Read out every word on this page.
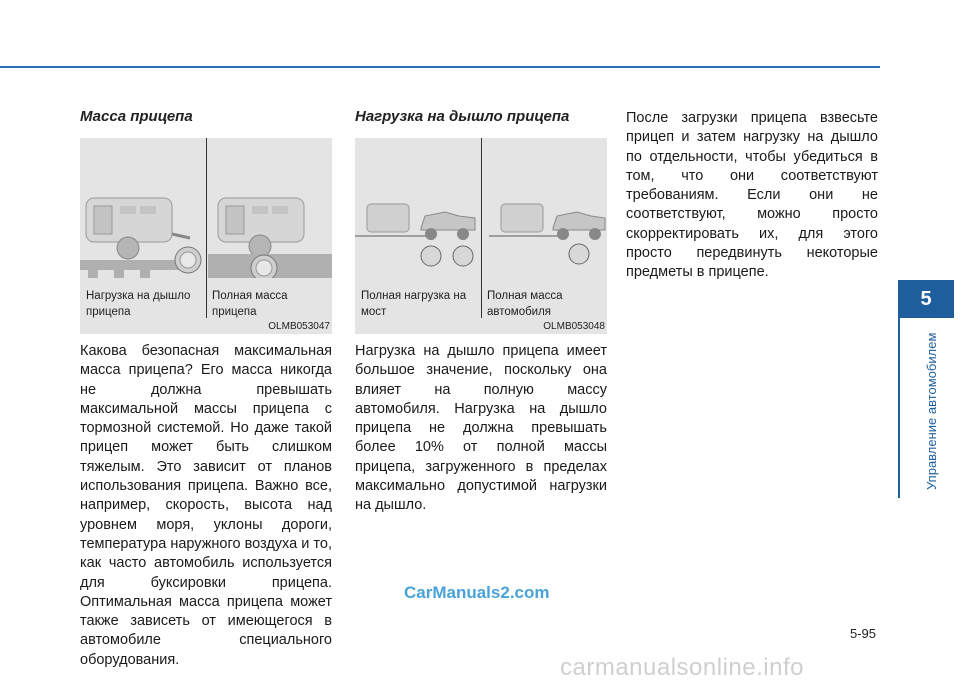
Масса прицепа
Нагрузка на дышло прицепа
Полная масса прицепа
OLMB053047
Какова безопасная максимальная масса прицепа? Его масса никогда не должна превышать максимальной массы прицепа с тормозной системой. Но даже такой прицеп может быть слишком тяжелым. Это зависит от планов использования прицепа. Важно все, например, скорость, высота над уровнем моря, уклоны дороги, температура наружного воздуха и то, как часто автомобиль используется для буксировки прицепа. Оптимальная масса прицепа может также зависеть от имеющегося в автомобиле специального оборудования.
Нагрузка на дышло прицепа
Полная нагрузка на мост
Полная масса автомобиля
OLMB053048
Нагрузка на дышло прицепа имеет большое значение, поскольку она влияет на полную массу автомобиля. Нагрузка на дышло прицепа не должна превышать более 10% от полной массы прицепа, загруженного в пределах максимально допустимой нагрузки на дышло.
После загрузки прицепа взвесьте прицеп и затем нагрузку на дышло по отдельности, чтобы убедиться в том, что они соответствуют требованиям. Если они не соответствуют, можно просто скорректировать их, для этого просто передвинуть некоторые предметы в прицепе.
5
Управление автомобилем
5-95
CarManuals2.com
carmanualsonline.info
